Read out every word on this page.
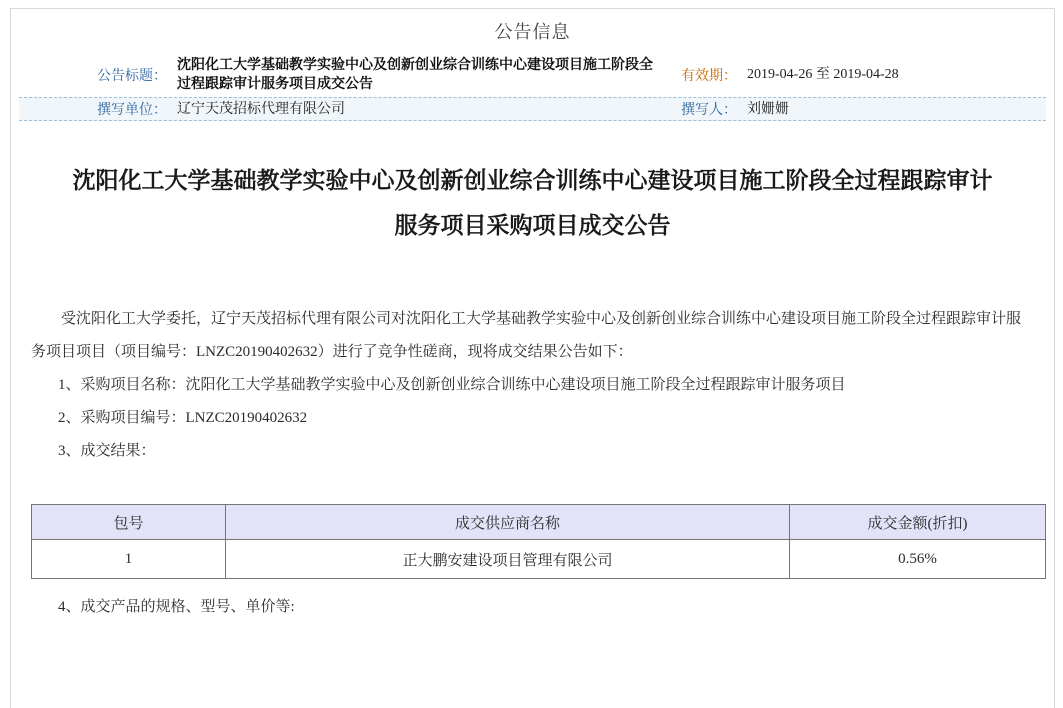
公告信息
公告标题：
沈阳化工大学基础教学实验中心及创新创业综合训练中心建设项目施工阶段全过程跟踪审计服务项目成交公告
有效期： 2019-04-26 至 2019-04-28
撰写单位： 辽宁天茂招标代理有限公司	撰写人： 刘姗姗
沈阳化工大学基础教学实验中心及创新创业综合训练中心建设项目施工阶段全过程跟踪审计
服务项目采购项目成交公告

受沈阳化工大学委托，辽宁天茂招标代理有限公司对沈阳化工大学基础教学实验中心及创新创业综合训练中心建设项目施工阶段全过程跟踪审计服务项目项目（项目编号：LNZC20190402632）进行了竞争性磋商，现将成交结果公告如下：

1、采购项目名称：沈阳化工大学基础教学实验中心及创新创业综合训练中心建设项目施工阶段全过程跟踪审计服务项目
2、采购项目编号：LNZC20190402632
3、成交结果：
包号	成交供应商名称	成交金额(折扣)
1	正大鹏安建设项目管理有限公司	0.56%
4、成交产品的规格、型号、单价等:
